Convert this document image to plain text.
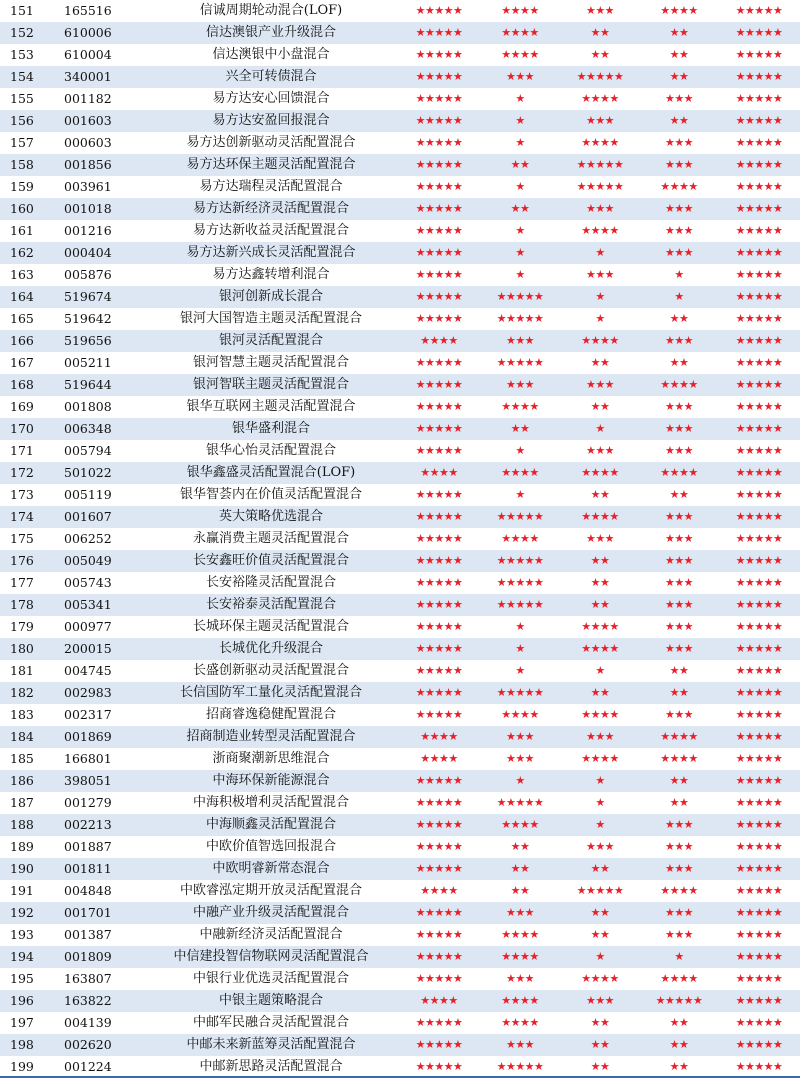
151	165516	信诚周期轮动混合(LOF)	★★★★★	★★★★	★★★	★★★★	★★★★★
152	610006	信达澳银产业升级混合	★★★★★	★★★★	★★	★★	★★★★★
153	610004	信达澳银中小盘混合	★★★★★	★★★★	★★	★★	★★★★★
154	340001	兴全可转债混合	★★★★★	★★★	★★★★★	★★	★★★★★
155	001182	易方达安心回馈混合	★★★★★	★	★★★★	★★★	★★★★★
156	001603	易方达安盈回报混合	★★★★★	★	★★★	★★	★★★★★
157	000603	易方达创新驱动灵活配置混合	★★★★★	★	★★★★	★★★	★★★★★
158	001856	易方达环保主题灵活配置混合	★★★★★	★★	★★★★★	★★★	★★★★★
159	003961	易方达瑞程灵活配置混合	★★★★★	★	★★★★★	★★★★	★★★★★
160	001018	易方达新经济灵活配置混合	★★★★★	★★	★★★	★★★	★★★★★
161	001216	易方达新收益灵活配置混合	★★★★★	★	★★★★	★★★	★★★★★
162	000404	易方达新兴成长灵活配置混合	★★★★★	★	★	★★★	★★★★★
163	005876	易方达鑫转增利混合	★★★★★	★	★★★	★	★★★★★
164	519674	银河创新成长混合	★★★★★	★★★★★	★	★	★★★★★
165	519642	银河大国智造主题灵活配置混合	★★★★★	★★★★★	★	★★	★★★★★
166	519656	银河灵活配置混合	★★★★	★★★	★★★★	★★★	★★★★★
167	005211	银河智慧主题灵活配置混合	★★★★★	★★★★★	★★	★★	★★★★★
168	519644	银河智联主题灵活配置混合	★★★★★	★★★	★★★	★★★★	★★★★★
169	001808	银华互联网主题灵活配置混合	★★★★★	★★★★	★★	★★★	★★★★★
170	006348	银华盛利混合	★★★★★	★★	★	★★★	★★★★★
171	005794	银华心怡灵活配置混合	★★★★★	★	★★★	★★★	★★★★★
172	501022	银华鑫盛灵活配置混合(LOF)	★★★★	★★★★	★★★★	★★★★	★★★★★
173	005119	银华智荟内在价值灵活配置混合	★★★★★	★	★★	★★	★★★★★
174	001607	英大策略优选混合	★★★★★	★★★★★	★★★★	★★★	★★★★★
175	006252	永赢消费主题灵活配置混合	★★★★★	★★★★	★★★	★★★	★★★★★
176	005049	长安鑫旺价值灵活配置混合	★★★★★	★★★★★	★★	★★★	★★★★★
177	005743	长安裕隆灵活配置混合	★★★★★	★★★★★	★★	★★★	★★★★★
178	005341	长安裕泰灵活配置混合	★★★★★	★★★★★	★★	★★★	★★★★★
179	000977	长城环保主题灵活配置混合	★★★★★	★	★★★★	★★★	★★★★★
180	200015	长城优化升级混合	★★★★★	★	★★★★	★★★	★★★★★
181	004745	长盛创新驱动灵活配置混合	★★★★★	★	★	★★	★★★★★
182	002983	长信国防军工量化灵活配置混合	★★★★★	★★★★★	★★	★★	★★★★★
183	002317	招商睿逸稳健配置混合	★★★★★	★★★★	★★★★	★★★	★★★★★
184	001869	招商制造业转型灵活配置混合	★★★★	★★★	★★★	★★★★	★★★★★
185	166801	浙商聚潮新思维混合	★★★★	★★★	★★★★	★★★★	★★★★★
186	398051	中海环保新能源混合	★★★★★	★	★	★★	★★★★★
187	001279	中海积极增利灵活配置混合	★★★★★	★★★★★	★	★★	★★★★★
188	002213	中海顺鑫灵活配置混合	★★★★★	★★★★	★	★★★	★★★★★
189	001887	中欧价值智选回报混合	★★★★★	★★	★★★	★★★	★★★★★
190	001811	中欧明睿新常态混合	★★★★★	★★	★★	★★★	★★★★★
191	004848	中欧睿泓定期开放灵活配置混合	★★★★	★★	★★★★★	★★★★	★★★★★
192	001701	中融产业升级灵活配置混合	★★★★★	★★★	★★	★★★	★★★★★
193	001387	中融新经济灵活配置混合	★★★★★	★★★★	★★	★★★	★★★★★
194	001809	中信建投智信物联网灵活配置混合	★★★★★	★★★★	★	★	★★★★★
195	163807	中银行业优选灵活配置混合	★★★★★	★★★	★★★★	★★★★	★★★★★
196	163822	中银主题策略混合	★★★★	★★★★	★★★	★★★★★	★★★★★
197	004139	中邮军民融合灵活配置混合	★★★★★	★★★★	★★	★★	★★★★★
198	002620	中邮未来新蓝筹灵活配置混合	★★★★★	★★★	★★	★★	★★★★★
199	001224	中邮新思路灵活配置混合	★★★★★	★★★★★	★★	★★	★★★★★
